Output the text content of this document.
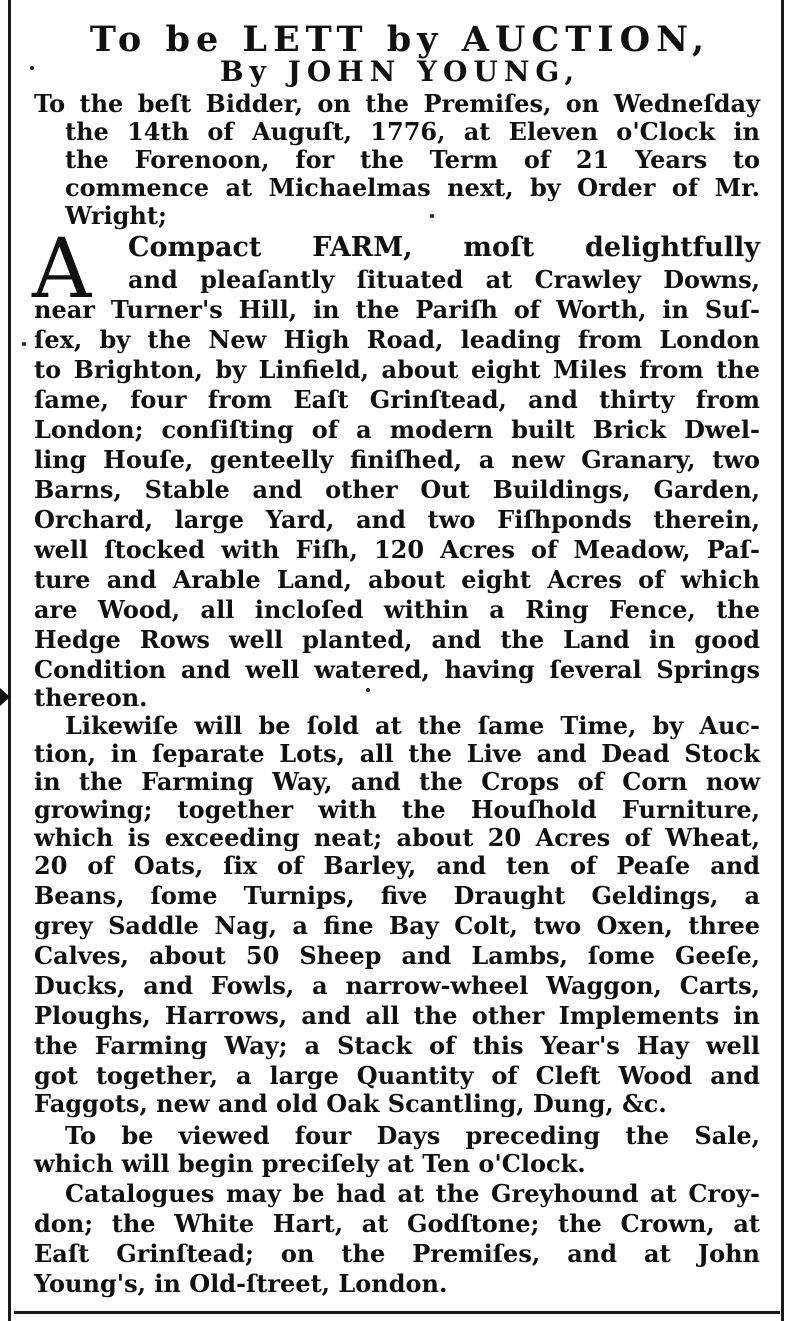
To be LETT by AUCTION,
By JOHN YOUNG,
To the beſt Bidder, on the Premiſes, on Wedneſday
the 14th of Auguſt, 1776, at Eleven o'Clock in
the Forenoon, for the Term of 21 Years to
commence at Michaelmas next, by Order of Mr.
Wright;
A Compact FARM, moſt delightfully
and pleaſantly ſituated at Crawley Downs,
near Turner's Hill, in the Pariſh of Worth, in Suſ-
ſex, by the New High Road, leading from London
to Brighton, by Linfield, about eight Miles from the
ſame, four from Eaſt Grinſtead, and thirty from
London; conſiſting of a modern built Brick Dwel-
ling Houſe, genteelly finiſhed, a new Granary, two
Barns, Stable and other Out Buildings, Garden,
Orchard, large Yard, and two Fiſhponds therein,
well ſtocked with Fiſh, 120 Acres of Meadow, Paſ-
ture and Arable Land, about eight Acres of which
are Wood, all incloſed within a Ring Fence, the
Hedge Rows well planted, and the Land in good
Condition and well watered, having ſeveral Springs
thereon.
Likewiſe will be ſold at the ſame Time, by Auc-
tion, in ſeparate Lots, all the Live and Dead Stock
in the Farming Way, and the Crops of Corn now
growing; together with the Houſhold Furniture,
which is exceeding neat; about 20 Acres of Wheat,
20 of Oats, ſix of Barley, and ten of Peaſe and
Beans, ſome Turnips, five Draught Geldings, a
grey Saddle Nag, a fine Bay Colt, two Oxen, three
Calves, about 50 Sheep and Lambs, ſome Geeſe,
Ducks, and Fowls, a narrow-wheel Waggon, Carts,
Ploughs, Harrows, and all the other Implements in
the Farming Way; a Stack of this Year's Hay well
got together, a large Quantity of Cleft Wood and
Faggots, new and old Oak Scantling, Dung, &c.
To be viewed four Days preceding the Sale,
which will begin preciſely at Ten o'Clock.
Catalogues may be had at the Greyhound at Croy-
don; the White Hart, at Godſtone; the Crown, at
Eaſt Grinſtead; on the Premiſes, and at John
Young's, in Old-ſtreet, London.
